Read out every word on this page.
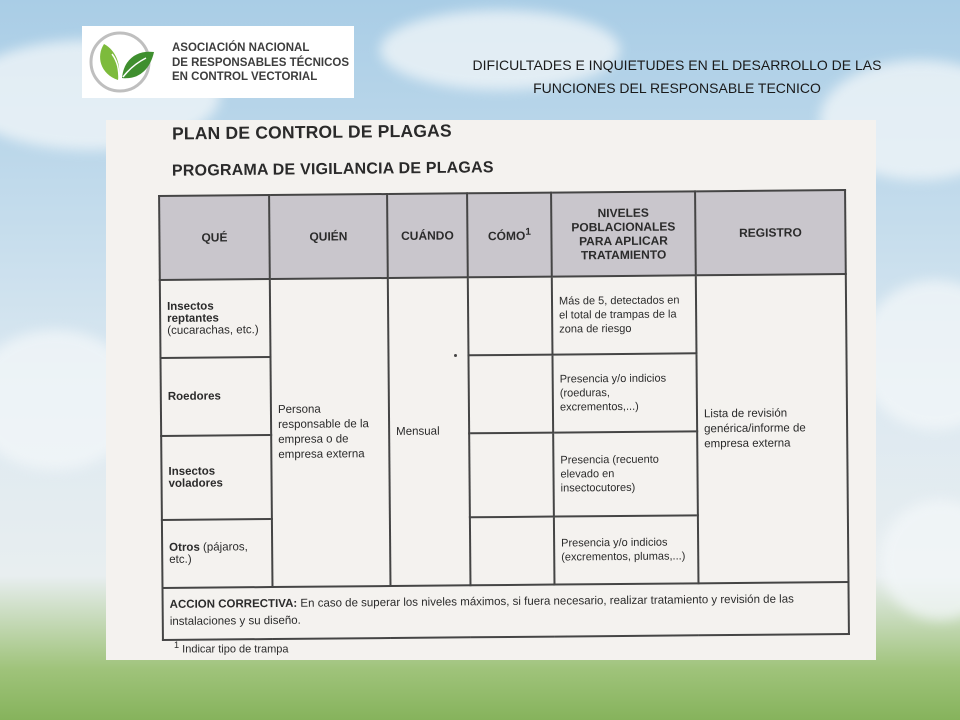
ASOCIACIÓN NACIONAL
DE RESPONSABLES TÉCNICOS
EN CONTROL VECTORIAL
DIFICULTADES E INQUIETUDES EN EL DESARROLLO DE LAS
FUNCIONES DEL RESPONSABLE TECNICO
PLAN DE CONTROL DE PLAGAS
PROGRAMA DE VIGILANCIA DE PLAGAS
QUÉ	QUIÉN	CUÁNDO	CÓMO$^1$	NIVELES POBLACIONALES PARA APLICAR TRATAMIENTO	REGISTRO
Insectos reptantes (cucarachas, etc.)	Persona responsable de la empresa o de empresa externa	Mensual		Más de 5, detectados en el total de trampas de la zona de riesgo	Lista de revisión genérica/informe de empresa externa
Roedores				Presencia y/o indicios (roeduras, excrementos,...)	
Insectos voladores				Presencia (recuento elevado en insectocutores)	
Otros (pájaros, etc.)				Presencia y/o indicios (excrementos, plumas,...)	
ACCION CORRECTIVA: En caso de superar los niveles máximos, si fuera necesario, realizar tratamiento y revisión de las instalaciones y su diseño.					
$^1$ Indicar tipo de trampa
